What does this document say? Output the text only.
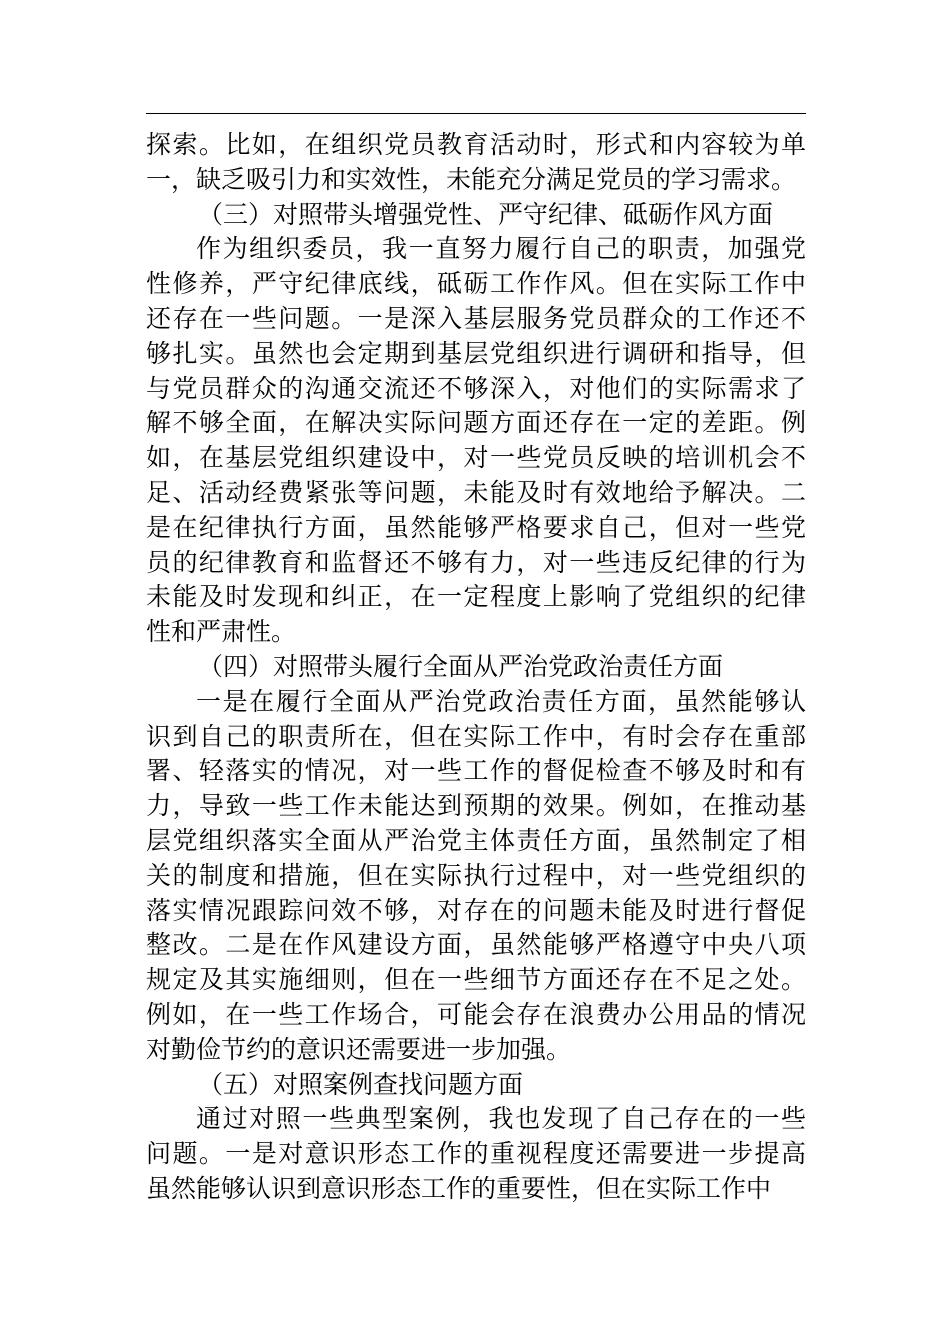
探索。比如，在组织党员教育活动时，形式和内容较为单
一，缺乏吸引力和实效性，未能充分满足党员的学习需求。

（三）对照带头增强党性、严守纪律、砥砺作风方面

作为组织委员，我一直努力履行自己的职责，加强党
性修养，严守纪律底线，砥砺工作作风。但在实际工作中
还存在一些问题。一是深入基层服务党员群众的工作还不
够扎实。虽然也会定期到基层党组织进行调研和指导，但
与党员群众的沟通交流还不够深入，对他们的实际需求了
解不够全面，在解决实际问题方面还存在一定的差距。例
如，在基层党组织建设中，对一些党员反映的培训机会不
足、活动经费紧张等问题，未能及时有效地给予解决。二
是在纪律执行方面，虽然能够严格要求自己，但对一些党
员的纪律教育和监督还不够有力，对一些违反纪律的行为
未能及时发现和纠正，在一定程度上影响了党组织的纪律
性和严肃性。

（四）对照带头履行全面从严治党政治责任方面

一是在履行全面从严治党政治责任方面，虽然能够认
识到自己的职责所在，但在实际工作中，有时会存在重部
署、轻落实的情况，对一些工作的督促检查不够及时和有
力，导致一些工作未能达到预期的效果。例如，在推动基
层党组织落实全面从严治党主体责任方面，虽然制定了相
关的制度和措施，但在实际执行过程中，对一些党组织的
落实情况跟踪问效不够，对存在的问题未能及时进行督促
整改。二是在作风建设方面，虽然能够严格遵守中央八项
规定及其实施细则，但在一些细节方面还存在不足之处。
例如，在一些工作场合，可能会存在浪费办公用品的情况
对勤俭节约的意识还需要进一步加强。

（五）对照案例查找问题方面

通过对照一些典型案例，我也发现了自己存在的一些
问题。一是对意识形态工作的重视程度还需要进一步提高
虽然能够认识到意识形态工作的重要性，但在实际工作中
